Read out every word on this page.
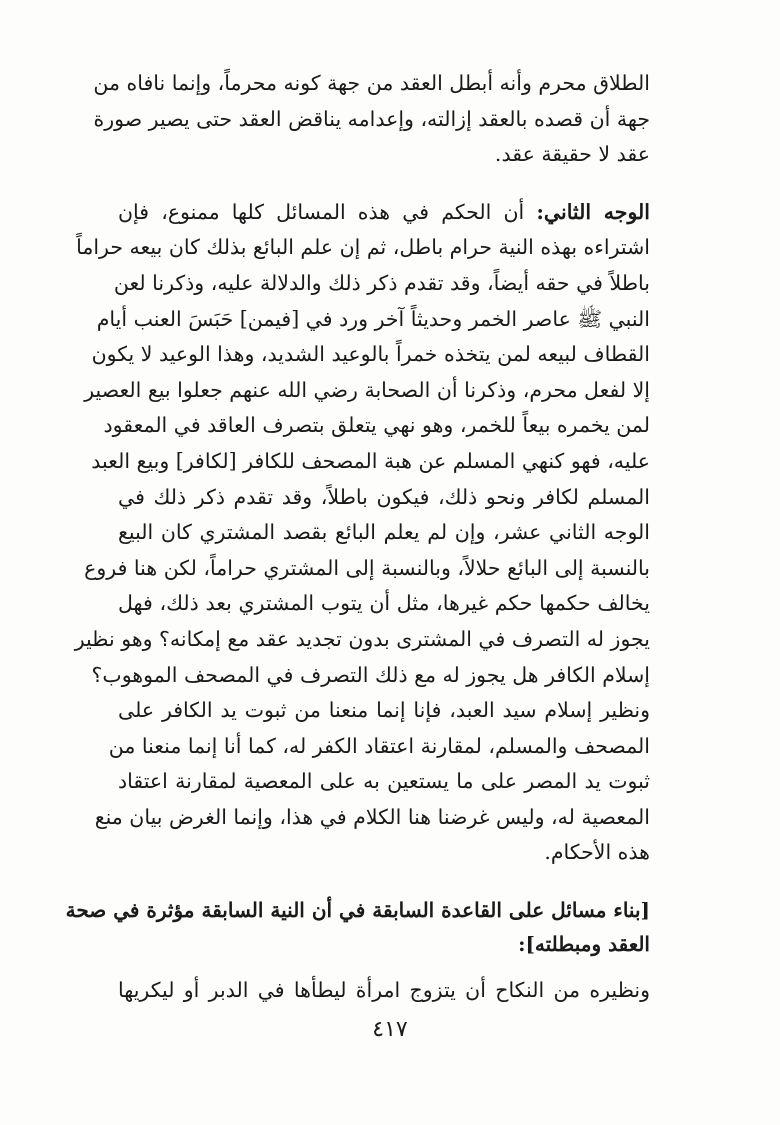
الطلاق محرم وأنه أبطل العقد من جهة كونه محرماً، وإنما نافاه من
جهة أن قصده بالعقد إزالته، وإعدامه يناقض العقد حتى يصير صورة
عقد لا حقيقة عقد.

الوجه الثاني: أن الحكم في هذه المسائل كلها ممنوع، فإن
اشتراءه بهذه النية حرام باطل، ثم إن علم البائع بذلك كان بيعه حراماً
باطلاً في حقه أيضاً، وقد تقدم ذكر ذلك والدلالة عليه، وذكرنا لعن
النبي ﷺ عاصر الخمر وحديثاً آخر ورد في [فيمن] حَبَسَ العنب أيام
القطاف لبيعه لمن يتخذه خمراً بالوعيد الشديد، وهذا الوعيد لا يكون
إلا لفعل محرم، وذكرنا أن الصحابة رضي الله عنهم جعلوا بيع العصير
لمن يخمره بيعاً للخمر، وهو نهي يتعلق بتصرف العاقد في المعقود
عليه، فهو كنهي المسلم عن هبة المصحف للكافر [لكافر] وبيع العبد
المسلم لكافر ونحو ذلك، فيكون باطلاً، وقد تقدم ذكر ذلك في
الوجه الثاني عشر، وإن لم يعلم البائع بقصد المشتري كان البيع
بالنسبة إلى البائع حلالاً، وبالنسبة إلى المشتري حراماً، لكن هنا فروع
يخالف حكمها حكم غيرها، مثل أن يتوب المشتري بعد ذلك، فهل
يجوز له التصرف في المشترى بدون تجديد عقد مع إمكانه؟ وهو نظير
إسلام الكافر هل يجوز له مع ذلك التصرف في المصحف الموهوب؟
ونظير إسلام سيد العبد، فإنا إنما منعنا من ثبوت يد الكافر على
المصحف والمسلم، لمقارنة اعتقاد الكفر له، كما أنا إنما منعنا من
ثبوت يد المصر على ما يستعين به على المعصية لمقارنة اعتقاد
المعصية له، وليس غرضنا هنا الكلام في هذا، وإنما الغرض بيان منع
هذه الأحكام.

[بناء مسائل على القاعدة السابقة في أن النية السابقة مؤثرة في صحة
العقد ومبطلته]:

ونظيره من النكاح أن يتزوج امرأة ليطأها في الدبر أو ليكريها

٤١٧
